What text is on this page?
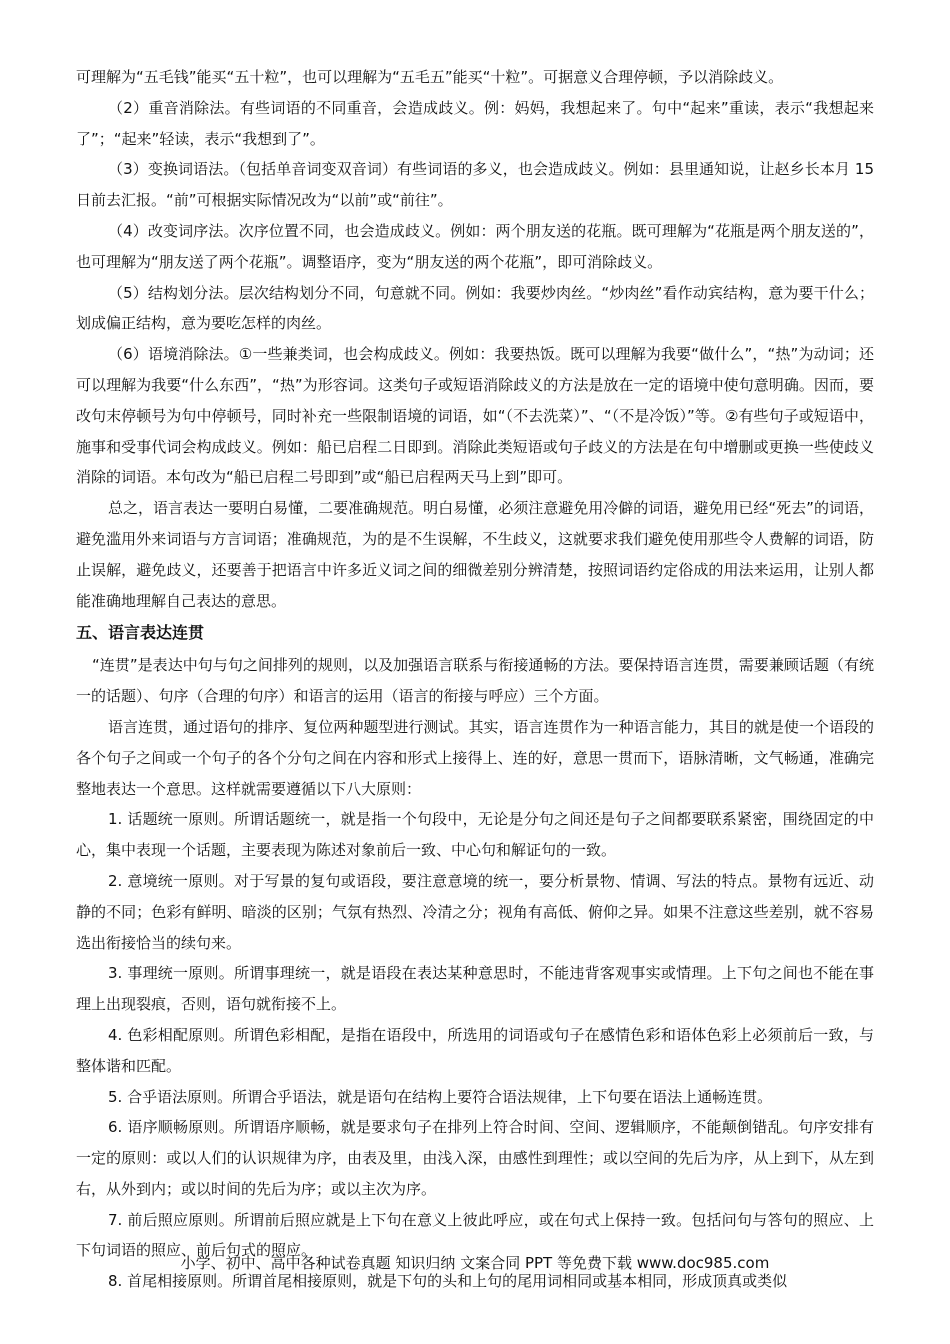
可理解为“五毛钱”能买“五十粒”，也可以理解为“五毛五”能买“十粒”。可据意义合理停顿，予以消除歧义。

（2）重音消除法。有些词语的不同重音，会造成歧义。例：妈妈，我想起来了。句中“起来”重读，表示“我想起来了”；“起来”轻读，表示“我想到了”。

（3）变换词语法。（包括单音词变双音词）有些词语的多义，也会造成歧义。例如：县里通知说，让赵乡长本月 15 日前去汇报。“前”可根据实际情况改为“以前”或“前往”。

（4）改变词序法。次序位置不同，也会造成歧义。例如：两个朋友送的花瓶。既可理解为“花瓶是两个朋友送的”，也可理解为“朋友送了两个花瓶”。调整语序，变为“朋友送的两个花瓶”，即可消除歧义。

（5）结构划分法。层次结构划分不同，句意就不同。例如：我要炒肉丝。“炒肉丝”看作动宾结构，意为要干什么；划成偏正结构，意为要吃怎样的肉丝。

（6）语境消除法。①一些兼类词，也会构成歧义。例如：我要热饭。既可以理解为我要“做什么”，“热”为动词；还可以理解为我要“什么东西”，“热”为形容词。这类句子或短语消除歧义的方法是放在一定的语境中使句意明确。因而，要改句末停顿号为句中停顿号，同时补充一些限制语境的词语，如“（不去洗菜）”、“（不是冷饭）”等。②有些句子或短语中，施事和受事代词会构成歧义。例如：船已启程二日即到。消除此类短语或句子歧义的方法是在句中增删或更换一些使歧义消除的词语。本句改为“船已启程二号即到”或“船已启程两天马上到”即可。

总之，语言表达一要明白易懂，二要准确规范。明白易懂，必须注意避免用冷僻的词语，避免用已经“死去”的词语，避免滥用外来词语与方言词语；准确规范，为的是不生误解，不生歧义，这就要求我们避免使用那些令人费解的词语，防止误解，避免歧义，还要善于把语言中许多近义词之间的细微差别分辨清楚，按照词语约定俗成的用法来运用，让别人都能准确地理解自己表达的意思。

五、语言表达连贯

“连贯”是表达中句与句之间排列的规则，以及加强语言联系与衔接通畅的方法。要保持语言连贯，需要兼顾话题（有统一的话题）、句序（合理的句序）和语言的运用（语言的衔接与呼应）三个方面。

语言连贯，通过语句的排序、复位两种题型进行测试。其实，语言连贯作为一种语言能力，其目的就是使一个语段的各个句子之间或一个句子的各个分句之间在内容和形式上接得上、连的好，意思一贯而下，语脉清晰，文气畅通，准确完整地表达一个意思。这样就需要遵循以下八大原则：

1. 话题统一原则。所谓话题统一，就是指一个句段中，无论是分句之间还是句子之间都要联系紧密，围绕固定的中心，集中表现一个话题，主要表现为陈述对象前后一致、中心句和解证句的一致。

2. 意境统一原则。对于写景的复句或语段，要注意意境的统一，要分析景物、情调、写法的特点。景物有远近、动静的不同；色彩有鲜明、暗淡的区别；气氛有热烈、冷清之分；视角有高低、俯仰之异。如果不注意这些差别，就不容易选出衔接恰当的续句来。

3. 事理统一原则。所谓事理统一，就是语段在表达某种意思时，不能违背客观事实或情理。上下句之间也不能在事理上出现裂痕，否则，语句就衔接不上。

4. 色彩相配原则。所谓色彩相配，是指在语段中，所选用的词语或句子在感情色彩和语体色彩上必须前后一致，与整体谐和匹配。

5. 合乎语法原则。所谓合乎语法，就是语句在结构上要符合语法规律，上下句要在语法上通畅连贯。

6. 语序顺畅原则。所谓语序顺畅，就是要求句子在排列上符合时间、空间、逻辑顺序，不能颠倒错乱。句序安排有一定的原则：或以人们的认识规律为序，由表及里，由浅入深，由感性到理性；或以空间的先后为序，从上到下，从左到右，从外到内；或以时间的先后为序；或以主次为序。

7. 前后照应原则。所谓前后照应就是上下句在意义上彼此呼应，或在句式上保持一致。包括问句与答句的照应、上下句词语的照应、前后句式的照应。

8. 首尾相接原则。所谓首尾相接原则，就是下句的头和上句的尾用词相同或基本相同，形成顶真或类似

小学、初中、高中各种试卷真题 知识归纳 文案合同 PPT 等免费下载 www.doc985.com
